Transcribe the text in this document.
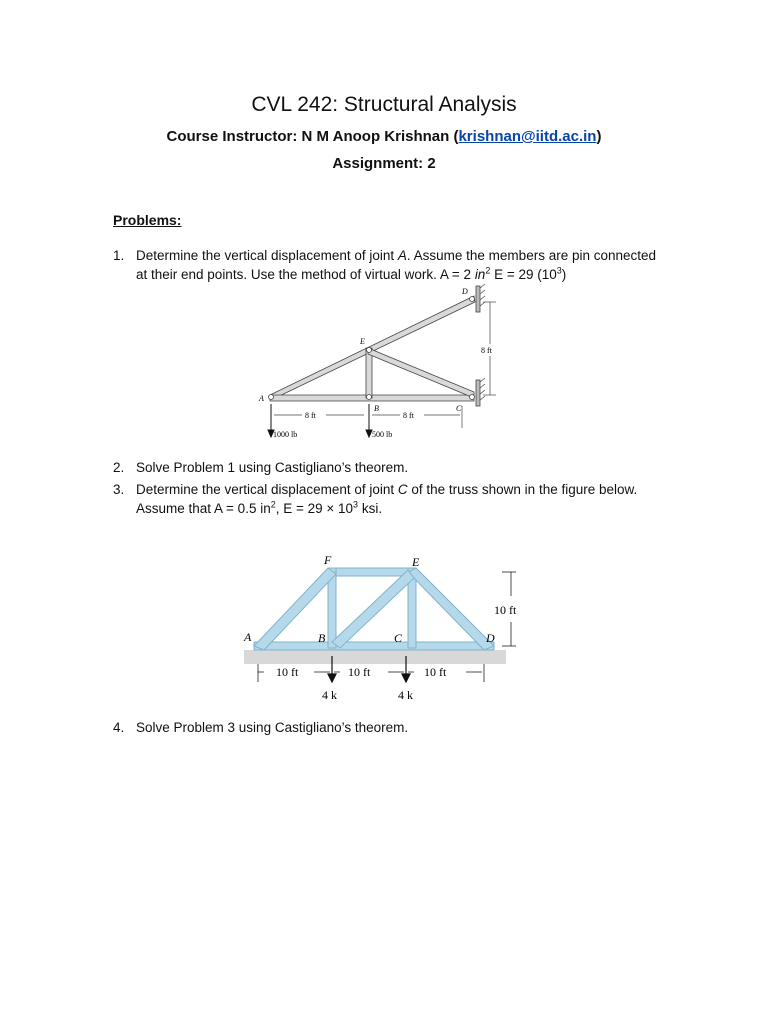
CVL 242: Structural Analysis
Course Instructor: N M Anoop Krishnan (krishnan@iitd.ac.in)
Assignment: 2
Problems:
1. Determine the vertical displacement of joint A. Assume the members are pin connected
at their end points. Use the method of virtual work. A = 2 $in^2$ E = 29 $(10^3)$
A
E
B	C
D
8 ft
8 ft	8 ft
1000 lb	500 lb
2. Solve Problem 1 using Castigliano’s theorem.
3. Determine the vertical displacement of joint C of the truss shown in the figure below.
Assume that A = 0.5 $in^2$, $E = 29 \times 10^3$ ksi.
A
F	E
B	C	D
10 ft
10 ft	10 ft	10 ft
4 k	4 k
4. Solve Problem 3 using Castigliano’s theorem.
